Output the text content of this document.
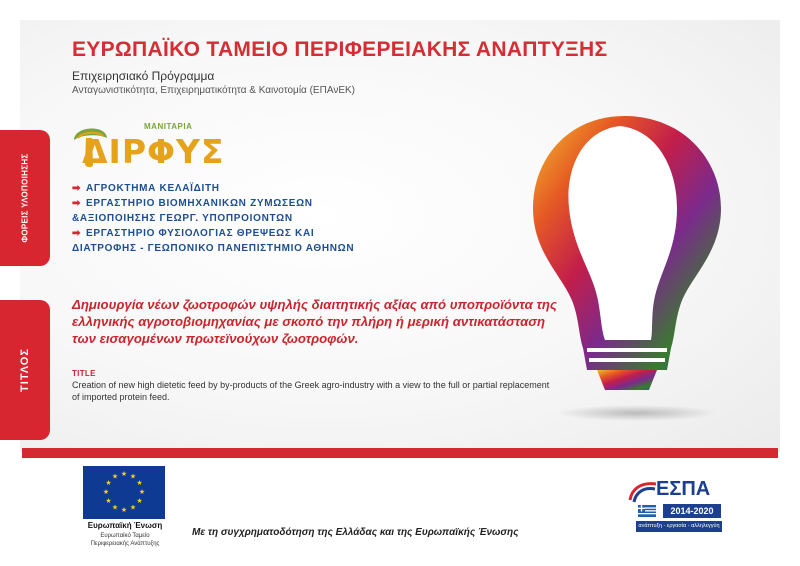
ΕΥΡΩΠΑΪΚΟ ΤΑΜΕΙΟ ΠΕΡΙΦΕΡΕΙΑΚΗΣ ΑΝΑΠΤΥΞΗΣ
Επιχειρησιακό Πρόγραμμα
Ανταγωνιστικότητα, Επιχειρηματικότητα & Καινοτομία (ΕΠΑνΕΚ)
ΦΟΡΕΙΣ ΥΛΟΠΟΙΗΣΗΣ
ΤΙΤΛΟΣ
ΜΑΝΙΤΑΡΙΑ
ΔΙΡΦΥΣ
➡ ΑΓΡΟΚΤΗΜΑ ΚΕΛΑΪΔΙΤΗ
➡ ΕΡΓΑΣΤΗΡΙΟ ΒΙΟΜΗΧΑΝΙΚΩΝ ΖΥΜΩΣΕΩΝ
&ΑΞΙΟΠΟΙΗΣΗΣ ΓΕΩΡΓ. ΥΠΟΠΡΟΙΟΝΤΩΝ
➡ ΕΡΓΑΣΤΗΡΙΟ ΦΥΣΙΟΛΟΓΙΑΣ ΘΡΕΨΕΩΣ ΚΑΙ
ΔΙΑΤΡΟΦΗΣ - ΓΕΩΠΟΝΙΚΟ ΠΑΝΕΠΙΣΤΗΜΙΟ ΑΘΗΝΩΝ
Δημιουργία νέων ζωοτροφών υψηλής διαιτητικής αξίας από υποπροϊόντα της ελληνικής αγροτοβιομηχανίας με σκοπό την πλήρη ή μερική αντικατάσταση των εισαγομένων πρωτεϊνούχων ζωοτροφών.
TITLE
Creation of new high dietetic feed by by-products of the Greek agro-industry with a view to the full or partial replacement of imported protein feed.
★ ★
★
★
★
★
★
★
★
★
★
★
Ευρωπαϊκή Ένωση
Ευρωπαϊκό Ταμείο
Περιφερειακής Ανάπτυξης
Με τη συγχρηματοδότηση της Ελλάδας και της Ευρωπαϊκής Ένωσης
ΕΣΠΑ
2014-2020
ανάπτυξη - εργασία - αλληλεγγύη
